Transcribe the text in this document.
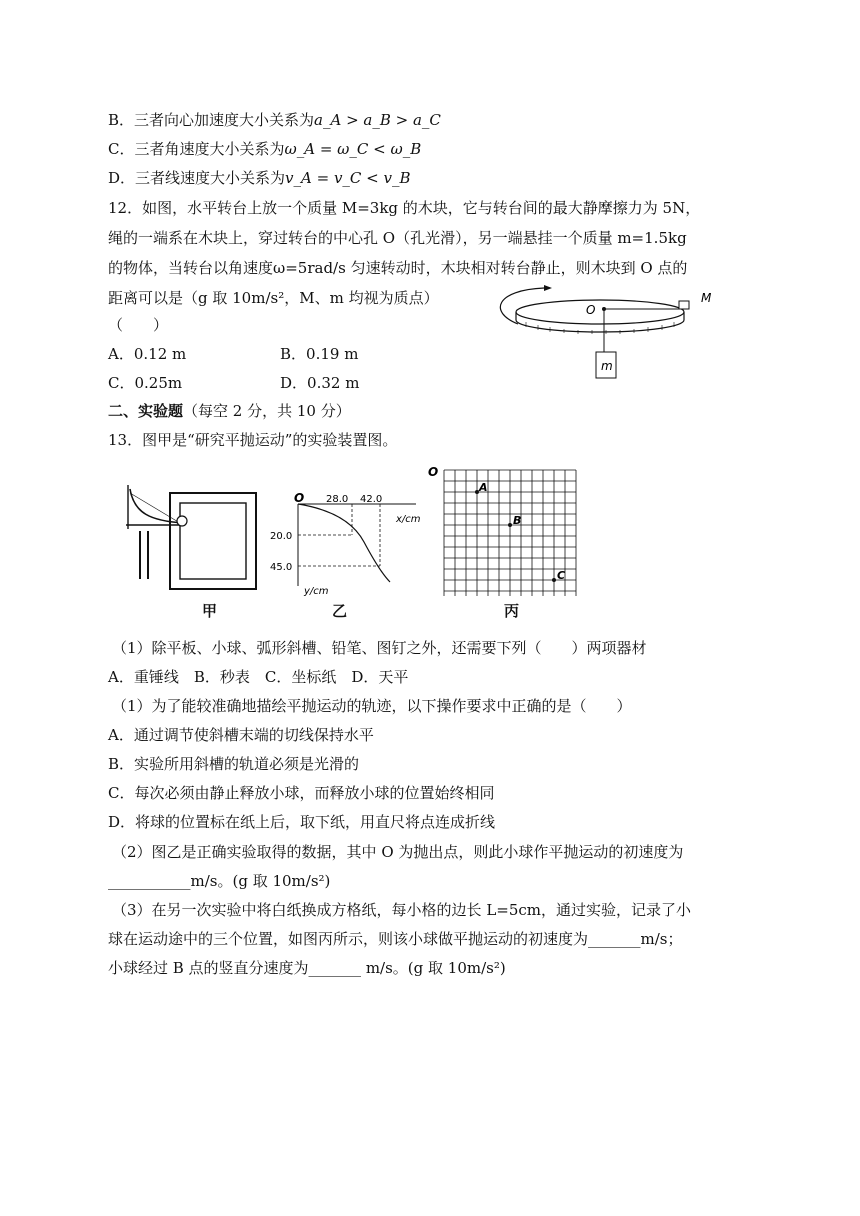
B．三者向心加速度大小关系为a_A > a_B > a_C
C．三者角速度大小关系为ω_A = ω_C < ω_B
D．三者线速度大小关系为v_A = v_C < v_B
12．如图，水平转台上放一个质量 M=3kg 的木块，它与转台间的最大静摩擦力为 5N，
绳的一端系在木块上，穿过转台的中心孔 O（孔光滑），另一端悬挂一个质量 m=1.5kg
的物体，当转台以角速度ω=5rad/s 匀速转动时，木块相对转台静止，则木块到 O 点的
距离可以是（g 取 10m/s²，M、m 均视为质点）
（　　）
A．0.12 m	B．0.19 m
C．0.25m	D．0.32 m
O
M
m
二、实验题（每空 2 分，共 10 分）
13．图甲是“研究平抛运动”的实验装置图。
甲
O 28.0 42.0
x/cm
20.0
45.0
y/cm
乙
O
A
B
C
丙
（1）除平板、小球、弧形斜槽、铅笔、图钉之外，还需要下列（　　）两项器材
A．重锤线　B．秒表　C．坐标纸　D．天平
（1）为了能较准确地描绘平抛运动的轨迹，以下操作要求中正确的是（　　）
A．通过调节使斜槽末端的切线保持水平
B．实验所用斜槽的轨道必须是光滑的
C．每次必须由静止释放小球，而释放小球的位置始终相同
D．将球的位置标在纸上后，取下纸，用直尺将点连成折线
（2）图乙是正确实验取得的数据，其中 O 为抛出点，则此小球作平抛运动的初速度为
___________m/s。(g 取 10m/s²)
（3）在另一次实验中将白纸换成方格纸，每小格的边长 L=5cm，通过实验，记录了小
球在运动途中的三个位置，如图丙所示，则该小球做平抛运动的初速度为_______m/s；
小球经过 B 点的竖直分速度为_______ m/s。(g 取 10m/s²)
